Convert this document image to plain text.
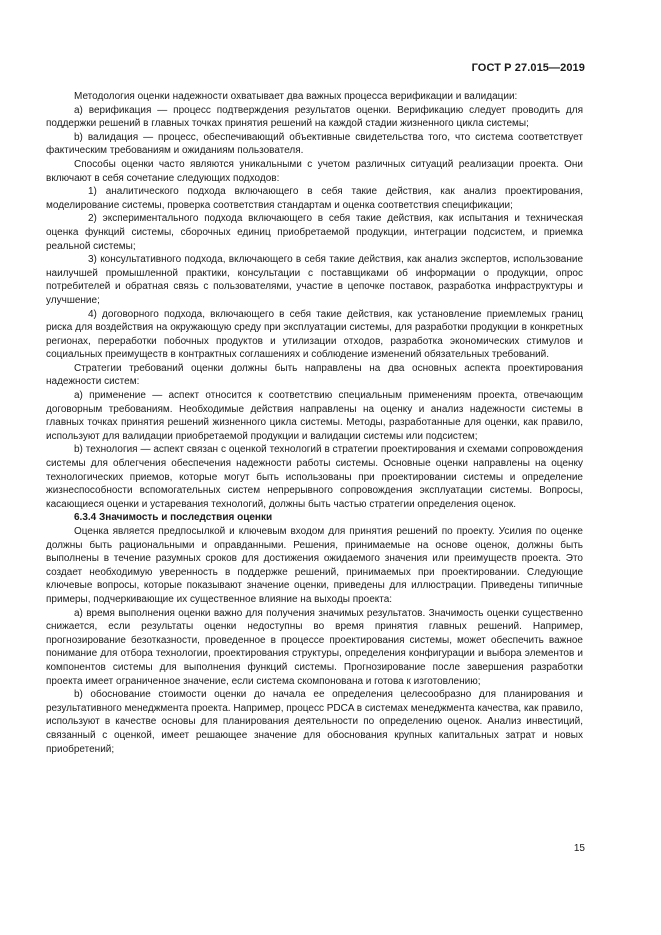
ГОСТ Р 27.015—2019

Методология оценки надежности охватывает два важных процесса верификации и валидации:

a) верификация — процесс подтверждения результатов оценки. Верификацию следует проводить для поддержки решений в главных точках принятия решений на каждой стадии жизненного цикла системы;

b) валидация — процесс, обеспечивающий объективные свидетельства того, что система соответствует фактическим требованиям и ожиданиям пользователя.

Способы оценки часто являются уникальными с учетом различных ситуаций реализации проекта. Они включают в себя сочетание следующих подходов:

1) аналитического подхода включающего в себя такие действия, как анализ проектирования, моделирование системы, проверка соответствия стандартам и оценка соответствия спецификации;

2) экспериментального подхода включающего в себя такие действия, как испытания и техническая оценка функций системы, сборочных единиц приобретаемой продукции, интеграции подсистем, и приемка реальной системы;

3) консультативного подхода, включающего в себя такие действия, как анализ экспертов, использование наилучшей промышленной практики, консультации с поставщиками об информации о продукции, опрос потребителей и обратная связь с пользователями, участие в цепочке поставок, разработка инфраструктуры и улучшение;

4) договорного подхода, включающего в себя такие действия, как установление приемлемых границ риска для воздействия на окружающую среду при эксплуатации системы, для разработки продукции в конкретных регионах, переработки побочных продуктов и утилизации отходов, разработка экономических стимулов и социальных преимуществ в контрактных соглашениях и соблюдение изменений обязательных требований.

Стратегии требований оценки должны быть направлены на два основных аспекта проектирования надежности систем:

a) применение — аспект относится к соответствию специальным применениям проекта, отвечающим договорным требованиям. Необходимые действия направлены на оценку и анализ надежности системы в главных точках принятия решений жизненного цикла системы. Методы, разработанные для оценки, как правило, используют для валидации приобретаемой продукции и валидации системы или подсистем;

b) технология — аспект связан с оценкой технологий в стратегии проектирования и схемами сопровождения системы для облегчения обеспечения надежности работы системы. Основные оценки направлены на оценку технологических приемов, которые могут быть использованы при проектировании системы и определение жизнеспособности вспомогательных систем непрерывного сопровождения эксплуатации системы. Вопросы, касающиеся оценки и устаревания технологий, должны быть частью стратегии определения оценок.

6.3.4 Значимость и последствия оценки

Оценка является предпосылкой и ключевым входом для принятия решений по проекту. Усилия по оценке должны быть рациональными и оправданными. Решения, принимаемые на основе оценок, должны быть выполнены в течение разумных сроков для достижения ожидаемого значения или преимуществ проекта. Это создает необходимую уверенность в поддержке решений, принимаемых при проектировании. Следующие ключевые вопросы, которые показывают значение оценки, приведены для иллюстрации. Приведены типичные примеры, подчеркивающие их существенное влияние на выходы проекта:

a) время выполнения оценки важно для получения значимых результатов. Значимость оценки существенно снижается, если результаты оценки недоступны во время принятия главных решений. Например, прогнозирование безотказности, проведенное в процессе проектирования системы, может обеспечить важное понимание для отбора технологии, проектирования структуры, определения конфигурации и выбора элементов и компонентов системы для выполнения функций системы. Прогнозирование после завершения разработки проекта имеет ограниченное значение, если система скомпонована и готова к изготовлению;

b) обоснование стоимости оценки до начала ее определения целесообразно для планирования и результативного менеджмента проекта. Например, процесс PDCA в системах менеджмента качества, как правило, используют в качестве основы для планирования деятельности по определению оценок. Анализ инвестиций, связанный с оценкой, имеет решающее значение для обоснования крупных капитальных затрат и новых приобретений;

15
